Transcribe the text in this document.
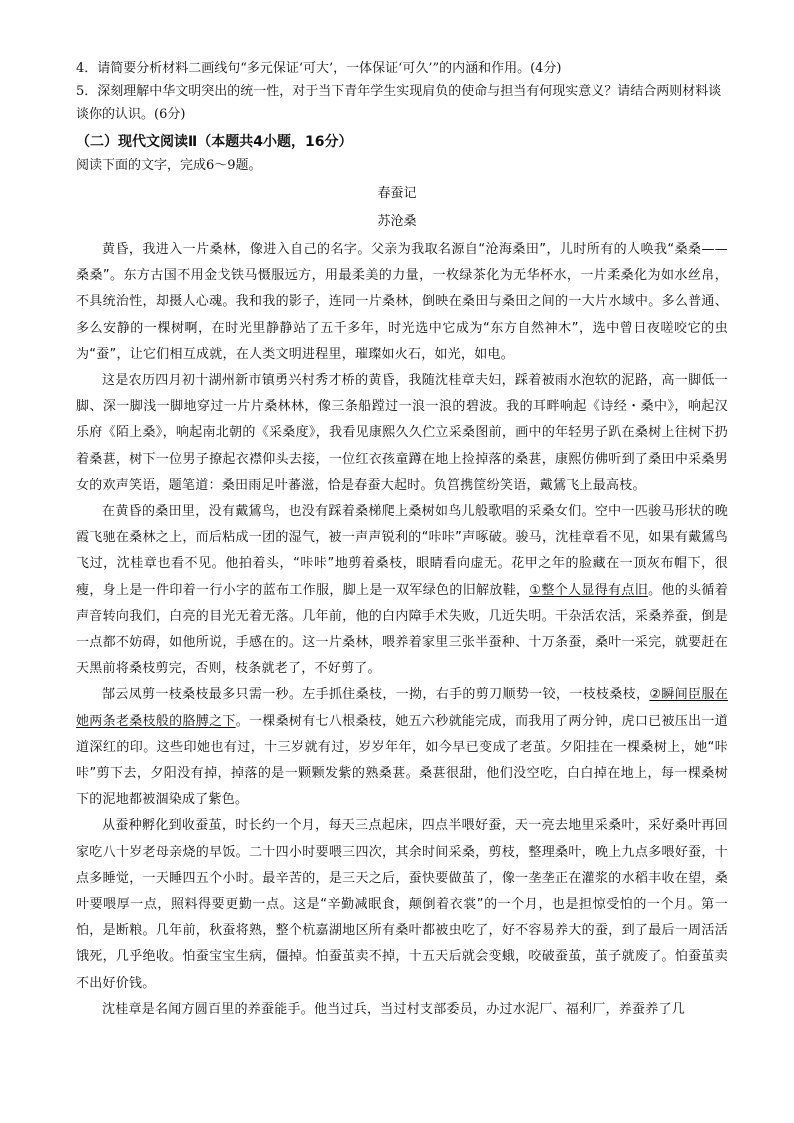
4．请简要分析材料二画线句“多元保证‘可大’，一体保证‘可久’”的内涵和作用。(4分)

5．深刻理解中华文明突出的统一性，对于当下青年学生实现肩负的使命与担当有何现实意义？请结合两则材料谈谈你的认识。(6分)

（二）现代文阅读Ⅱ（本题共4小题，16分）

阅读下面的文字，完成6～9题。

春蚕记

苏沧桑

黄昏，我进入一片桑林，像进入自己的名字。父亲为我取名源自“沧海桑田”，儿时所有的人唤我“桑桑——桑桑”。东方古国不用金戈铁马慑服远方，用最柔美的力量，一枚绿茶化为无华杯水，一片柔桑化为如水丝帛，不具统治性，却摄人心魂。我和我的影子，连同一片桑林，倒映在桑田与桑田之间的一大片水域中。多么普通、多么安静的一棵树啊，在时光里静静站了五千多年，时光选中它成为“东方自然神木”，选中曾日夜嗟咬它的虫为“蚕”，让它们相互成就，在人类文明进程里，璀璨如火石，如光，如电。

这是农历四月初十湖州新市镇勇兴村秀才桥的黄昏，我随沈桂章夫妇，踩着被雨水泡软的泥路，高一脚低一脚、深一脚浅一脚地穿过一片片桑林林，像三条船蹚过一浪一浪的碧波。我的耳畔响起《诗经・桑中》，响起汉乐府《陌上桑》，响起南北朝的《采桑度》，我看见康熙久久伫立采桑图前，画中的年轻男子趴在桑树上往树下扔着桑葚，树下一位男子撩起衣襟仰头去接，一位红衣孩童蹲在地上捡掉落的桑葚，康熙仿佛听到了桑田中采桑男女的欢声笑语，题笔道：桑田雨足叶蕃滋，恰是春蚕大起时。负筥携筐纷笑语，戴鵀飞上最高枝。

在黄昏的桑田里，没有戴鵀鸟，也没有踩着桑梯爬上桑树如鸟儿般歌唱的采桑女们。空中一匹骏马形状的晚霞飞驰在桑林之上，而后粘成一团的湿气，被一声声锐利的“咔咔”声啄破。骏马，沈桂章看不见，如果有戴鵀鸟飞过，沈桂章也看不见。他拍着头，“咔咔”地剪着桑枝，眼睛看向虚无。花甲之年的脸藏在一顶灰布帽下，很瘦，身上是一件印着一行小字的蓝布工作服，脚上是一双军绿色的旧解放鞋，①整个人显得有点旧。他的头循着声音转向我们，白亮的目光无着无落。几年前，他的白内障手术失败，几近失明。干杂活农活，采桑养蚕，倒是一点都不妨碍，如他所说，手感在的。这一片桑林，喂养着家里三张半蚕种、十万条蚕，桑叶一采完，就要赶在天黑前将桑枝剪完，否则，枝条就老了，不好剪了。

郜云凤剪一枝桑枝最多只需一秒。左手抓住桑枝，一拗，右手的剪刀顺势一铰，一枝枝桑枝，②瞬间臣服在她两条老桑枝般的胳膊之下。一棵桑树有七八根桑枝，她五六秒就能完成，而我用了两分钟，虎口已被压出一道道深红的印。这些印她也有过，十三岁就有过，岁岁年年，如今早已变成了老茧。夕阳挂在一棵桑树上，她“咔咔”剪下去，夕阳没有掉，掉落的是一颗颗发紫的熟桑葚。桑葚很甜，他们没空吃，白白掉在地上，每一棵桑树下的泥地都被涸染成了紫色。

从蚕种孵化到收蚕茧，时长约一个月，每天三点起床，四点半喂好蚕，天一亮去地里采桑叶，采好桑叶再回家吃八十岁老母亲烧的早饭。二十四小时要喂三四次，其余时间采桑，剪枝，整理桑叶，晚上九点多喂好蚕，十点多睡觉，一天睡四五个小时。最辛苦的，是三天之后，蚕快要做茧了，像一垄垄正在灌浆的水稻丰收在望，桑叶要喂厚一点，照料得要更勤一点。这是“辛勤减眠食，颠倒着衣裳”的一个月，也是担惊受怕的一个月。第一怕，是断粮。几年前，秋蚕将熟，整个杭嘉湖地区所有桑叶都被虫吃了，好不容易养大的蚕，到了最后一周活活饿死，几乎绝收。怕蚕宝宝生病，僵掉。怕蚕茧卖不掉，十五天后就会变蛾，咬破蚕茧，茧子就废了。怕蚕茧卖不出好价钱。

沈桂章是名闻方圆百里的养蚕能手。他当过兵，当过村支部委员，办过水泥厂、福利厂，养蚕养了几
